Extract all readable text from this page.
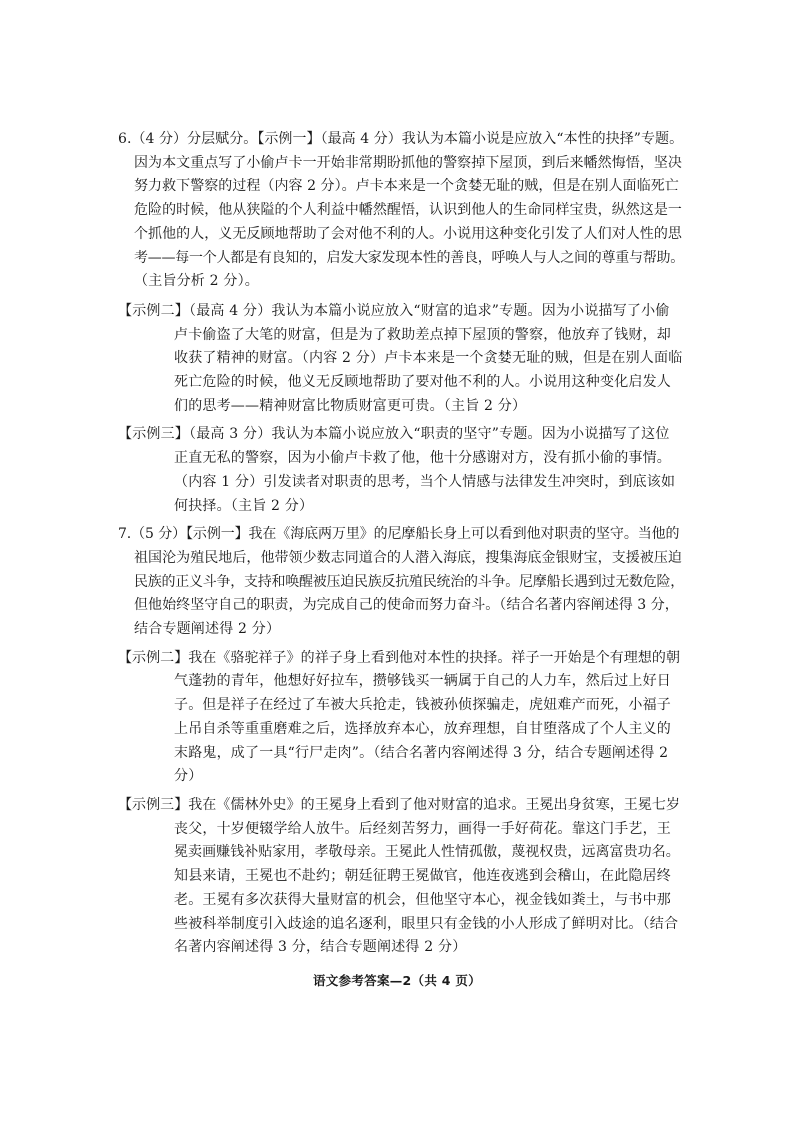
6.（4 分）分层赋分。【示例一】（最高 4 分）我认为本篇小说是应放入“本性的抉择”专题。
因为本文重点写了小偷卢卡一开始非常期盼抓他的警察掉下屋顶，到后来幡然悔悟，坚决
努力救下警察的过程（内容 2 分）。卢卡本来是一个贪婪无耻的贼，但是在别人面临死亡
危险的时候，他从狭隘的个人利益中幡然醒悟，认识到他人的生命同样宝贵，纵然这是一
个抓他的人，义无反顾地帮助了会对他不利的人。小说用这种变化引发了人们对人性的思
考——每一个人都是有良知的，启发大家发现本性的善良，呼唤人与人之间的尊重与帮助。
（主旨分析 2 分）。
【示例二】（最高 4 分）我认为本篇小说应放入“财富的追求”专题。因为小说描写了小偷
卢卡偷盗了大笔的财富，但是为了救助差点掉下屋顶的警察，他放弃了钱财，却
收获了精神的财富。（内容 2 分）卢卡本来是一个贪婪无耻的贼，但是在别人面临
死亡危险的时候，他义无反顾地帮助了要对他不利的人。小说用这种变化启发人
们的思考——精神财富比物质财富更可贵。（主旨 2 分）
【示例三】（最高 3 分）我认为本篇小说应放入“职责的坚守”专题。因为小说描写了这位
正直无私的警察，因为小偷卢卡救了他，他十分感谢对方，没有抓小偷的事情。
（内容 1 分）引发读者对职责的思考，当个人情感与法律发生冲突时，到底该如
何抉择。（主旨 2 分）
7.（5 分）【示例一】我在《海底两万里》的尼摩船长身上可以看到他对职责的坚守。当他的
祖国沦为殖民地后，他带领少数志同道合的人潜入海底，搜集海底金银财宝，支援被压迫
民族的正义斗争，支持和唤醒被压迫民族反抗殖民统治的斗争。尼摩船长遇到过无数危险，
但他始终坚守自己的职责，为完成自己的使命而努力奋斗。（结合名著内容阐述得 3 分，
结合专题阐述得 2 分）
【示例二】我在《骆驼祥子》的祥子身上看到他对本性的抉择。祥子一开始是个有理想的朝
气蓬勃的青年，他想好好拉车，攒够钱买一辆属于自己的人力车，然后过上好日
子。但是祥子在经过了车被大兵抢走，钱被孙侦探骗走，虎妞难产而死，小福子
上吊自杀等重重磨难之后，选择放弃本心，放弃理想，自甘堕落成了个人主义的
末路鬼，成了一具“行尸走肉”。（结合名著内容阐述得 3 分，结合专题阐述得 2
分）
【示例三】我在《儒林外史》的王冕身上看到了他对财富的追求。王冕出身贫寒，王冕七岁
丧父，十岁便辍学给人放牛。后经刻苦努力，画得一手好荷花。靠这门手艺，王
冕卖画赚钱补贴家用，孝敬母亲。王冕此人性情孤傲，蔑视权贵，远离富贵功名。
知县来请，王冕也不赴约；朝廷征聘王冕做官，他连夜逃到会稽山，在此隐居终
老。王冕有多次获得大量财富的机会，但他坚守本心，视金钱如粪土，与书中那
些被科举制度引入歧途的追名逐利，眼里只有金钱的小人形成了鲜明对比。（结合
名著内容阐述得 3 分，结合专题阐述得 2 分）
语文参考答案—2（共 4 页）
